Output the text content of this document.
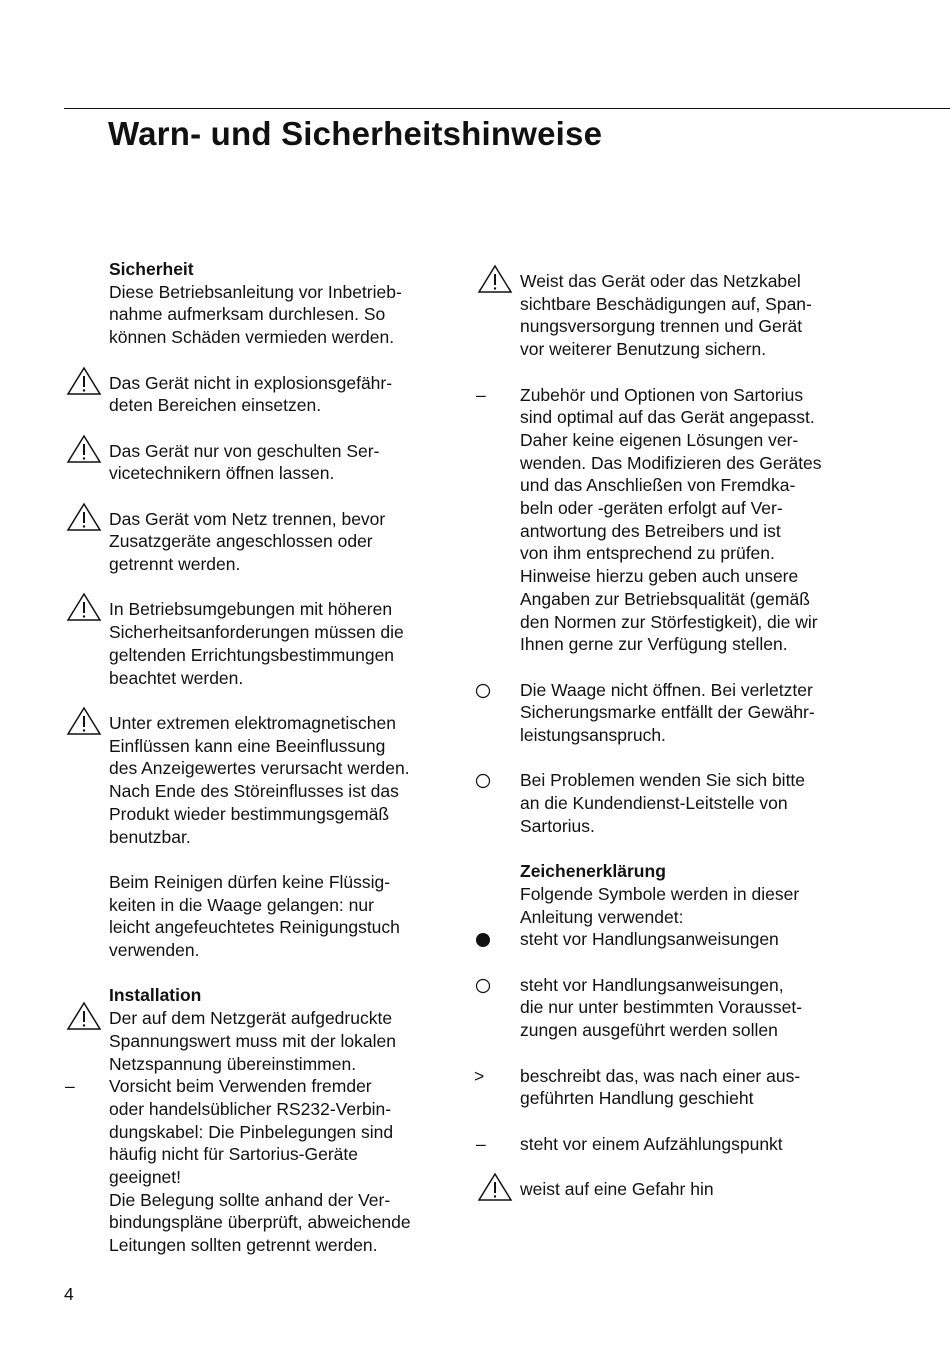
Warn- und Sicherheitshinweise
Sicherheit
Diese Betriebsanleitung vor Inbetrieb-
nahme aufmerksam durchlesen. So
können Schäden vermieden werden.
Das Gerät nicht in explosionsgefähr-
deten Bereichen einsetzen.
Das Gerät nur von geschulten Ser-
vicetechnikern öffnen lassen.
Das Gerät vom Netz trennen, bevor
Zusatzgeräte angeschlossen oder
getrennt werden.
In Betriebsumgebungen mit höheren
Sicherheitsanforderungen müssen die
geltenden Errichtungsbestimmungen
beachtet werden.
Unter extremen elektromagnetischen
Einflüssen kann eine Beeinflussung
des Anzeigewertes verursacht werden.
Nach Ende des Störeinflusses ist das
Produkt wieder bestimmungsgemäß
benutzbar.
Beim Reinigen dürfen keine Flüssig-
keiten in die Waage gelangen: nur
leicht angefeuchtetes Reinigungstuch
verwenden.
Installation
Der auf dem Netzgerät aufgedruckte
Spannungswert muss mit der lokalen
Netzspannung übereinstimmen.
–	Vorsicht beim Verwenden fremder
oder handelsüblicher RS232-Verbin-
dungskabel: Die Pinbelegungen sind
häufig nicht für Sartorius-Geräte
geeignet!
Die Belegung sollte anhand der Ver-
bindungspläne überprüft, abweichende
Leitungen sollten getrennt werden.
Weist das Gerät oder das Netzkabel
sichtbare Beschädigungen auf, Span-
nungsversorgung trennen und Gerät
vor weiterer Benutzung sichern.
–	Zubehör und Optionen von Sartorius
sind optimal auf das Gerät angepasst.
Daher keine eigenen Lösungen ver-
wenden. Das Modifizieren des Gerätes
und das Anschließen von Fremdka-
beln oder -geräten erfolgt auf Ver-
antwortung des Betreibers und ist
von ihm entsprechend zu prüfen.
Hinweise hierzu geben auch unsere
Angaben zur Betriebsqualität (gemäß
den Normen zur Störfestigkeit), die wir
Ihnen gerne zur Verfügung stellen.
Die Waage nicht öffnen. Bei verletzter
Sicherungsmarke entfällt der Gewähr-
leistungsanspruch.
Bei Problemen wenden Sie sich bitte
an die Kundendienst-Leitstelle von
Sartorius.
Zeichenerklärung
Folgende Symbole werden in dieser
Anleitung verwendet:
steht vor Handlungsanweisungen
steht vor Handlungsanweisungen,
die nur unter bestimmten Vorausset-
zungen ausgeführt werden sollen
>	beschreibt das, was nach einer aus-
geführten Handlung geschieht
–	steht vor einem Aufzählungspunkt
weist auf eine Gefahr hin
4
